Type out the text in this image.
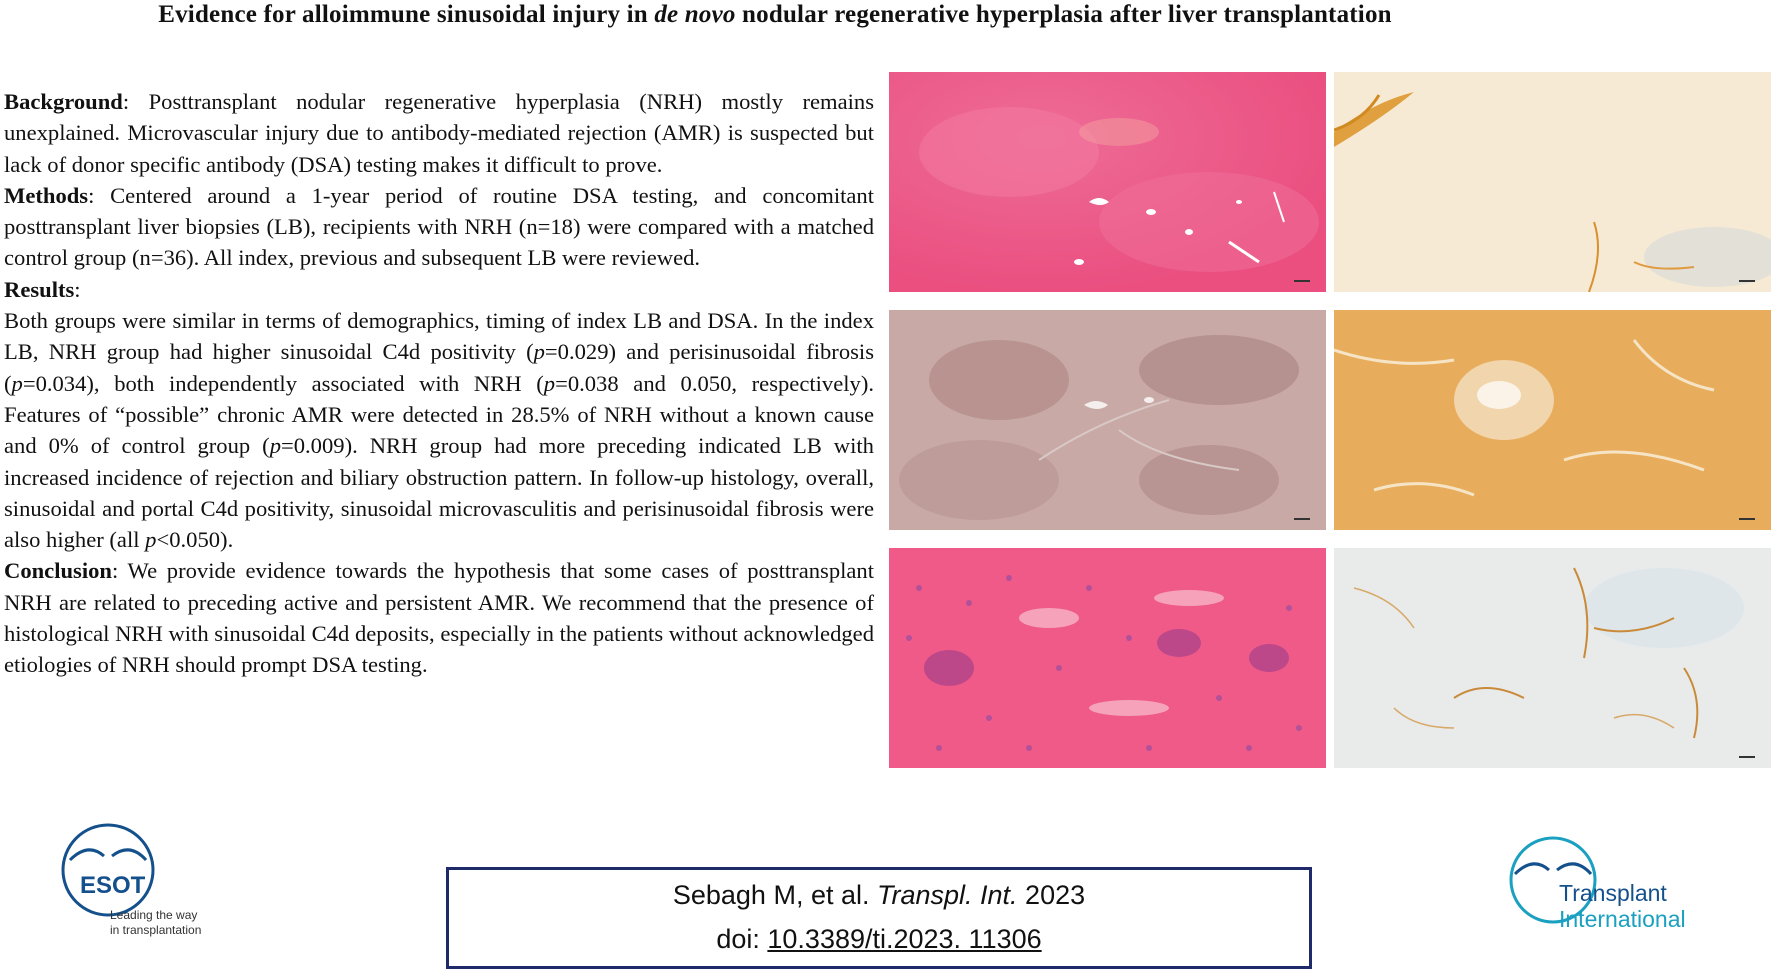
Evidence for alloimmune sinusoidal injury in de novo nodular regenerative hyperplasia after liver transplantation

Background: Posttransplant nodular regenerative hyperplasia (NRH) mostly remains unexplained. Microvascular injury due to antibody-mediated rejection (AMR) is suspected but lack of donor specific antibody (DSA) testing makes it difficult to prove.

Methods: Centered around a 1-year period of routine DSA testing, and concomitant posttransplant liver biopsies (LB), recipients with NRH (n=18) were compared with a matched control group (n=36). All index, previous and subsequent LB were reviewed.

Results:

Both groups were similar in terms of demographics, timing of index LB and DSA. In the index LB, NRH group had higher sinusoidal C4d positivity (p=0.029) and perisinusoidal fibrosis (p=0.034), both independently associated with NRH (p=0.038 and 0.050, respectively). Features of “possible” chronic AMR were detected in 28.5% of NRH without a known cause and 0% of control group (p=0.009). NRH group had more preceding indicated LB with increased incidence of rejection and biliary obstruction pattern. In follow-up histology, overall, sinusoidal and portal C4d positivity, sinusoidal microvasculitis and perisinusoidal fibrosis were also higher (all p<0.050).

Conclusion: We provide evidence towards the hypothesis that some cases of posttransplant NRH are related to preceding active and persistent AMR. We recommend that the presence of histological NRH with sinusoidal C4d deposits, especially in the patients without acknowledged etiologies of NRH should prompt DSA testing.

ESOT
Leading the way
in transplantation
Sebagh M, et al. Transpl. Int. 2023
doi: 10.3389/ti.2023. 11306
Transplant
International
